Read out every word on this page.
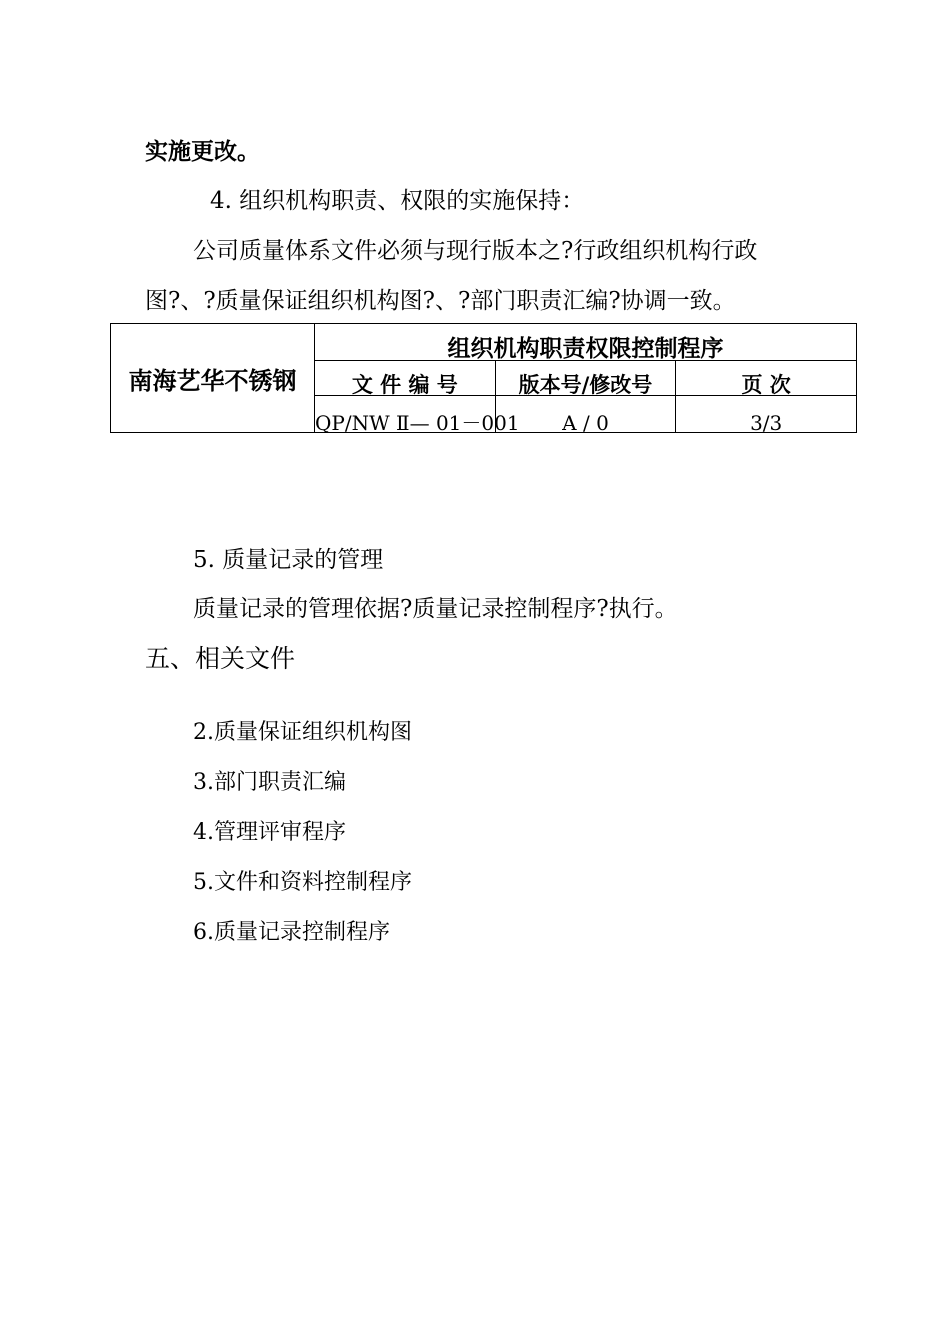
实施更改。
4. 组织机构职责、权限的实施保持：
公司质量体系文件必须与现行版本之?行政组织机构行政
图?、?质量保证组织机构图?、?部门职责汇编?协调一致。
南海艺华不锈钢	组织机构职责权限控制程序		
	文 件 编 号	版本号/修改号	页 次
	QP/NW Ⅱ— 01－001	A / 0	3/3
5. 质量记录的管理
质量记录的管理依据?质量记录控制程序?执行。
五、相关文件
2.质量保证组织机构图
3.部门职责汇编
4.管理评审程序
5.文件和资料控制程序
6.质量记录控制程序
